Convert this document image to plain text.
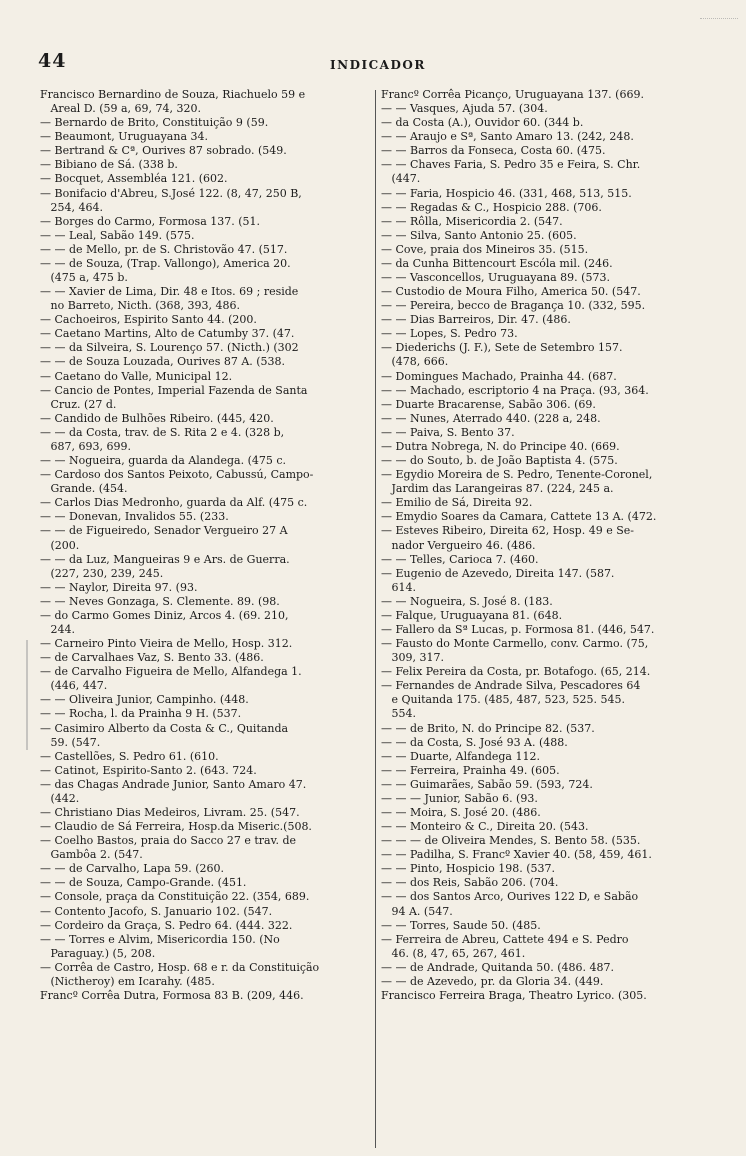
44	INDICADOR
Francisco Bernardino de Souza, Riachuelo 59 e
Areal D. (59 a, 69, 74, 320.
— Bernardo de Brito, Constituição 9 (59.
— Beaumont, Uruguayana 34.
— Bertrand & Cª, Ourives 87 sobrado. (549.
— Bibiano de Sá. (338 b.
— Bocquet, Assembléa 121. (602.
— Bonifacio d'Abreu, S.José 122. (8, 47, 250 B,
254, 464.
— Borges do Carmo, Formosa 137. (51.
— — Leal, Sabão 149. (575.
— — de Mello, pr. de S. Christovão 47. (517.
— — de Souza, (Trap. Vallongo), America 20.
(475 a, 475 b.
— — Xavier de Lima, Dir. 48 e Itos. 69 ; reside
no Barreto, Nicth. (368, 393, 486.
— Cachoeiros, Espirito Santo 44. (200.
— Caetano Martins, Alto de Catumby 37. (47.
— — da Silveira, S. Lourenço 57. (Nicth.) (302
— — de Souza Louzada, Ourives 87 A. (538.
— Caetano do Valle, Municipal 12.
— Cancio de Pontes, Imperial Fazenda de Santa
Cruz. (27 d.
— Candido de Bulhões Ribeiro. (445, 420.
— — da Costa, trav. de S. Rita 2 e 4. (328 b,
687, 693, 699.
— — Nogueira, guarda da Alandega. (475 c.
— Cardoso dos Santos Peixoto, Cabussú, Campo-
Grande. (454.
— Carlos Dias Medronho, guarda da Alf. (475 c.
— — Donevan, Invalidos 55. (233.
— — de Figueiredo, Senador Vergueiro 27 A
(200.
— — da Luz, Mangueiras 9 e Ars. de Guerra.
(227, 230, 239, 245.
— — Naylor, Direita 97. (93.
— — Neves Gonzaga, S. Clemente. 89. (98.
— do Carmo Gomes Diniz, Arcos 4. (69. 210,
244.
— Carneiro Pinto Vieira de Mello, Hosp. 312.
— de Carvalhaes Vaz, S. Bento 33. (486.
— de Carvalho Figueira de Mello, Alfandega 1.
(446, 447.
— — Oliveira Junior, Campinho. (448.
— — Rocha, l. da Prainha 9 H. (537.
— Casimiro Alberto da Costa & C., Quitanda
59. (547.
— Castellões, S. Pedro 61. (610.
— Catinot, Espirito-Santo 2. (643. 724.
— das Chagas Andrade Junior, Santo Amaro 47.
(442.
— Christiano Dias Medeiros, Livram. 25. (547.
— Claudio de Sá Ferreira, Hosp.da Miseric.(508.
— Coelho Bastos, praia do Sacco 27 e trav. de
Gambôa 2. (547.
— — de Carvalho, Lapa 59. (260.
— — de Souza, Campo-Grande. (451.
— Console, praça da Constituição 22. (354, 689.
— Contento Jacofo, S. Januario 102. (547.
— Cordeiro da Graça, S. Pedro 64. (444. 322.
— — Torres e Alvim, Misericordia 150. (No
Paraguay.) (5, 208.
— Corrêa de Castro, Hosp. 68 e r. da Constituição
(Nictheroy) em Icarahy. (485.
Francº Corrêa Dutra, Formosa 83 B. (209, 446.
Francº Corrêa Picanço, Uruguayana 137. (669.
— — Vasques, Ajuda 57. (304.
— da Costa (A.), Ouvidor 60. (344 b.
— — Araujo e Sª, Santo Amaro 13. (242, 248.
— — Barros da Fonseca, Costa 60. (475.
— — Chaves Faria, S. Pedro 35 e Feira, S. Chr.
(447.
— — Faria, Hospicio 46. (331, 468, 513, 515.
— — Regadas & C., Hospicio 288. (706.
— — Rôlla, Misericordia 2. (547.
— — Silva, Santo Antonio 25. (605.
— Cove, praia dos Mineiros 35. (515.
— da Cunha Bittencourt Escóla mil. (246.
— — Vasconcellos, Uruguayana 89. (573.
— Custodio de Moura Filho, America 50. (547.
— — Pereira, becco de Bragança 10. (332, 595.
— — Dias Barreiros, Dir. 47. (486.
— — Lopes, S. Pedro 73.
— Diederichs (J. F.), Sete de Setembro 157.
(478, 666.
— Domingues Machado, Prainha 44. (687.
— — Machado, escriptorio 4 na Praça. (93, 364.
— Duarte Bracarense, Sabão 306. (69.
— — Nunes, Aterrado 440. (228 a, 248.
— — Paiva, S. Bento 37.
— Dutra Nobrega, N. do Principe 40. (669.
— — do Souto, b. de João Baptista 4. (575.
— Egydio Moreira de S. Pedro, Tenente-Coronel,
Jardim das Larangeiras 87. (224, 245 a.
— Emilio de Sá, Direita 92.
— Emydio Soares da Camara, Cattete 13 A. (472.
— Esteves Ribeiro, Direita 62, Hosp. 49 e Se-
nador Vergueiro 46. (486.
— — Telles, Carioca 7. (460.
— Eugenio de Azevedo, Direita 147. (587.
614.
— — Nogueira, S. José 8. (183.
— Falque, Uruguayana 81. (648.
— Fallero da Sª Lucas, p. Formosa 81. (446, 547.
— Fausto do Monte Carmello, conv. Carmo. (75,
309, 317.
— Felix Pereira da Costa, pr. Botafogo. (65, 214.
— Fernandes de Andrade Silva, Pescadores 64
e Quitanda 175. (485, 487, 523, 525. 545.
554.
— — de Brito, N. do Principe 82. (537.
— — da Costa, S. José 93 A. (488.
— — Duarte, Alfandega 112.
— — Ferreira, Prainha 49. (605.
— — Guimarães, Sabão 59. (593, 724.
— — — Junior, Sabão 6. (93.
— — Moira, S. José 20. (486.
— — Monteiro & C., Direita 20. (543.
— — — de Oliveira Mendes, S. Bento 58. (535.
— — Padilha, S. Francº Xavier 40. (58, 459, 461.
— — Pinto, Hospicio 198. (537.
— — dos Reis, Sabão 206. (704.
— — dos Santos Arco, Ourives 122 D, e Sabão
94 A. (547.
— — Torres, Saude 50. (485.
— Ferreira de Abreu, Cattete 494 e S. Pedro
46. (8, 47, 65, 267, 461.
— — de Andrade, Quitanda 50. (486. 487.
— — de Azevedo, pr. da Gloria 34. (449.
Francisco Ferreira Braga, Theatro Lyrico. (305.
